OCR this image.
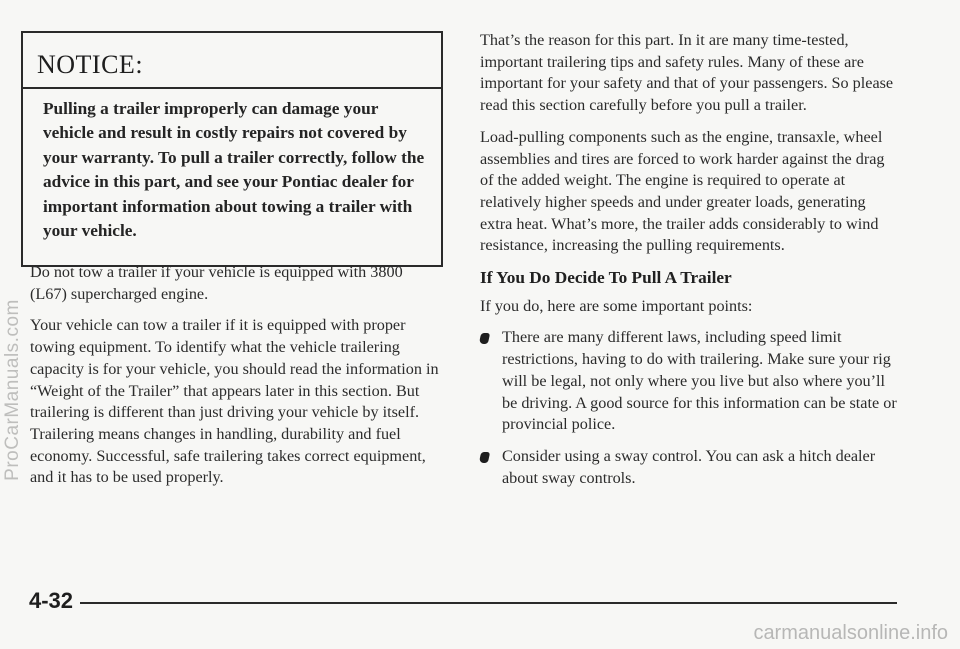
NOTICE:
Pulling a trailer improperly can damage your vehicle and result in costly repairs not covered by your warranty. To pull a trailer correctly, follow the advice in this part, and see your Pontiac dealer for important information about towing a trailer with your vehicle.

Do not tow a trailer if your vehicle is equipped with 3800 (L67) supercharged engine.

Your vehicle can tow a trailer if it is equipped with proper towing equipment. To identify what the vehicle trailering capacity is for your vehicle, you should read the information in “Weight of the Trailer” that appears later in this section. But trailering is different than just driving your vehicle by itself. Trailering means changes in handling, durability and fuel economy. Successful, safe trailering takes correct equipment, and it has to be used properly.

That’s the reason for this part. In it are many time-tested, important trailering tips and safety rules. Many of these are important for your safety and that of your passengers. So please read this section carefully before you pull a trailer.

Load-pulling components such as the engine, transaxle, wheel assemblies and tires are forced to work harder against the drag of the added weight. The engine is required to operate at relatively higher speeds and under greater loads, generating extra heat. What’s more, the trailer adds considerably to wind resistance, increasing the pulling requirements.

If You Do Decide To Pull A Trailer

If you do, here are some important points:

There are many different laws, including speed limit restrictions, having to do with trailering. Make sure your rig will be legal, not only where you live but also where you’ll be driving. A good source for this information can be state or provincial police.
Consider using a sway control. You can ask a hitch dealer about sway controls.
4-32
ProCarManuals.com
carmanualsonline.info
